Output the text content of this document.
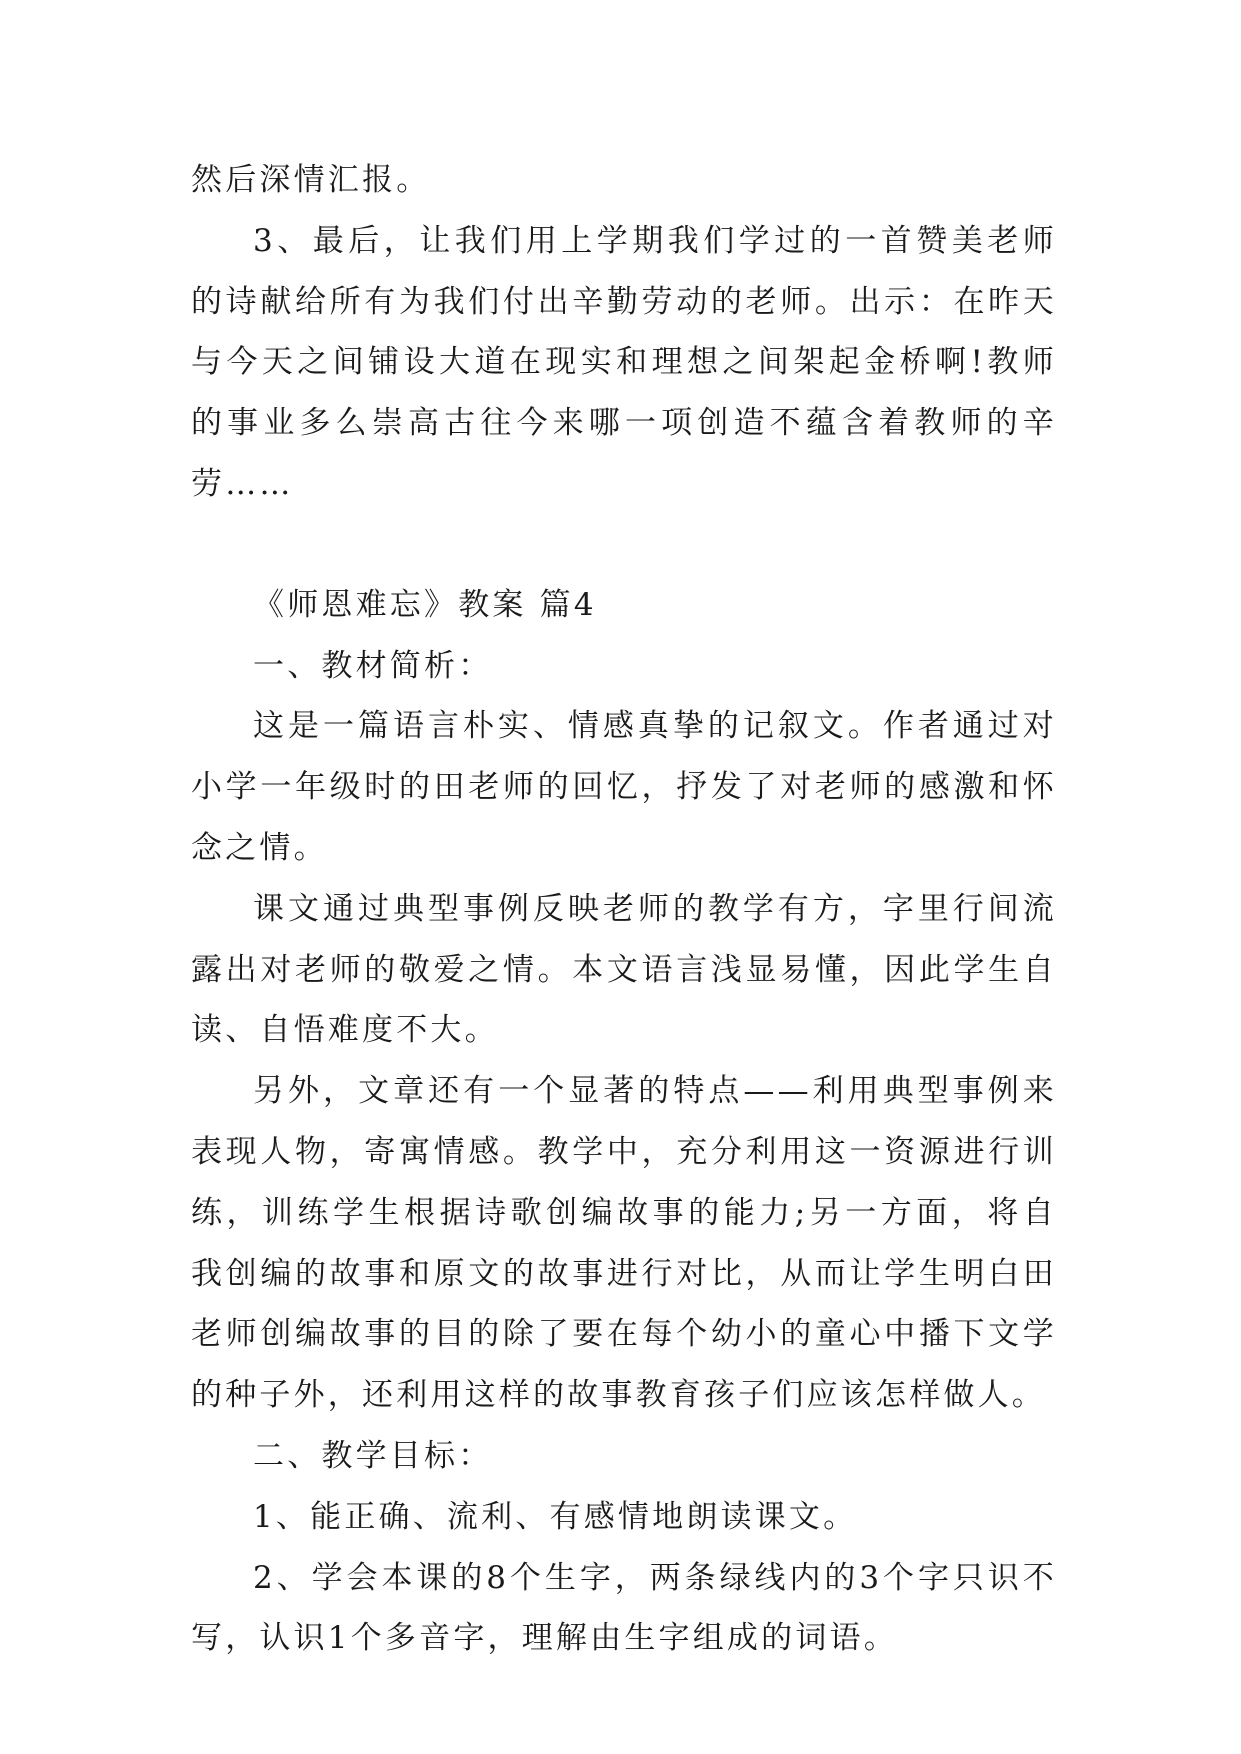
然后深情汇报。

3、最后，让我们用上学期我们学过的一首赞美老师的诗献给所有为我们付出辛勤劳动的老师。出示：在昨天与今天之间铺设大道在现实和理想之间架起金桥啊!教师的事业多么崇高古往今来哪一项创造不蕴含着教师的辛劳……

《师恩难忘》教案 篇4

一、教材简析：

这是一篇语言朴实、情感真挚的记叙文。作者通过对小学一年级时的田老师的回忆，抒发了对老师的感激和怀念之情。

课文通过典型事例反映老师的教学有方，字里行间流露出对老师的敬爱之情。本文语言浅显易懂，因此学生自读、自悟难度不大。

另外，文章还有一个显著的特点——利用典型事例来表现人物，寄寓情感。教学中，充分利用这一资源进行训练，训练学生根据诗歌创编故事的能力;另一方面，将自我创编的故事和原文的故事进行对比，从而让学生明白田老师创编故事的目的除了要在每个幼小的童心中播下文学的种子外，还利用这样的故事教育孩子们应该怎样做人。

二、教学目标：

1、能正确、流利、有感情地朗读课文。

2、学会本课的8个生字，两条绿线内的3个字只识不写，认识1个多音字，理解由生字组成的词语。
